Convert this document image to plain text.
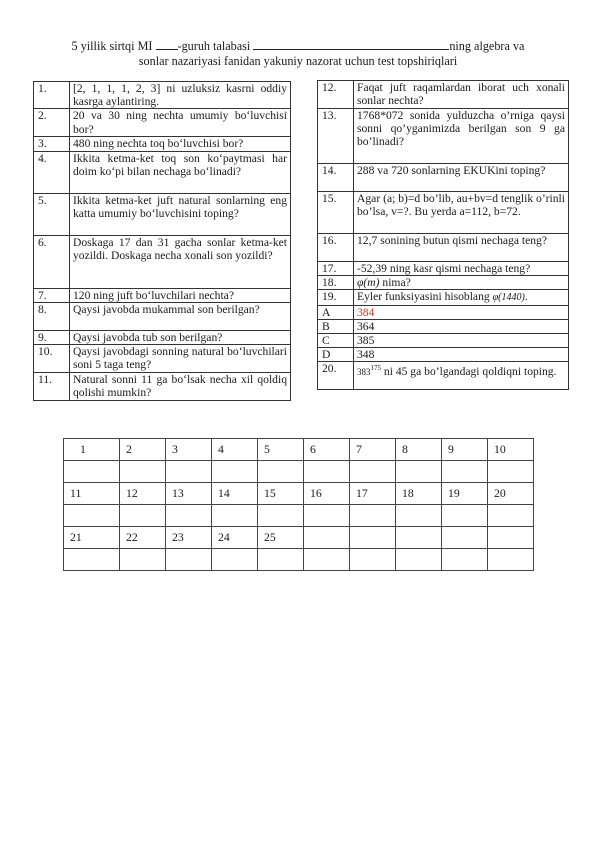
5 yillik sirtqi MI -guruh talabasi	ning algebra va
sonlar nazariyasi fanidan yakuniy nazorat uchun test topshiriqlari
1.	[2, 1, 1, 1, 2, 3] ni uzluksiz kasrni oddiy kasrga aylantiring.
2.	20 va 30 ning nechta umumiy bo‘luvchisi bor?
3.	480 ning nechta toq bo‘luvchisi bor?
4.	Ikkita ketma-ket toq son ko‘paytmasi har doim ko‘pi bilan nechaga bo‘linadi?
5.	Ikkita ketma-ket juft natural sonlarning eng katta umumiy bo‘luvchisini toping?
6.	Doskaga 17 dan 31 gacha sonlar ketma-ket yozildi. Doskaga necha xonali son yozildi?
7.	120 ning juft bo‘luvchilari nechta?
8.	Qaysi javobda mukammal son berilgan?
9.	Qaysi javobda tub son berilgan?
10.	Qaysi javobdagi sonning natural bo‘luvchilari soni 5 taga teng?
11.	Natural sonni 11 ga bo‘lsak necha xil qoldiq qolishi mumkin?
12.	Faqat juft raqamlardan iborat uch xonali sonlar nechta?
13.	1768*072 sonida yulduzcha o’rniga qaysi sonni qo’yganimizda berilgan son 9 ga bo’linadi?
14.	288 va 720 sonlarning EKUKini toping?
15.	Agar (a; b)=d bo’lib, au+bv=d tenglik o’rinli bo’lsa, v=?. Bu yerda a=112, b=72.
16.	12,7 sonining butun qismi nechaga teng?
17.	-52,39 ning kasr qismi nechaga teng?
18.	φ(m) nima?
19.	Eyler funksiyasini hisoblang φ(1440).
A	384
B	364
C	385
D	348
20.	$383^{175}$ ni 45 ga bo’lgandagi qoldiqni toping.
1	2	3	4	5	6	7	8	9	10

11	12	13	14	15	16	17	18	19	20

21	22	23	24	25					
